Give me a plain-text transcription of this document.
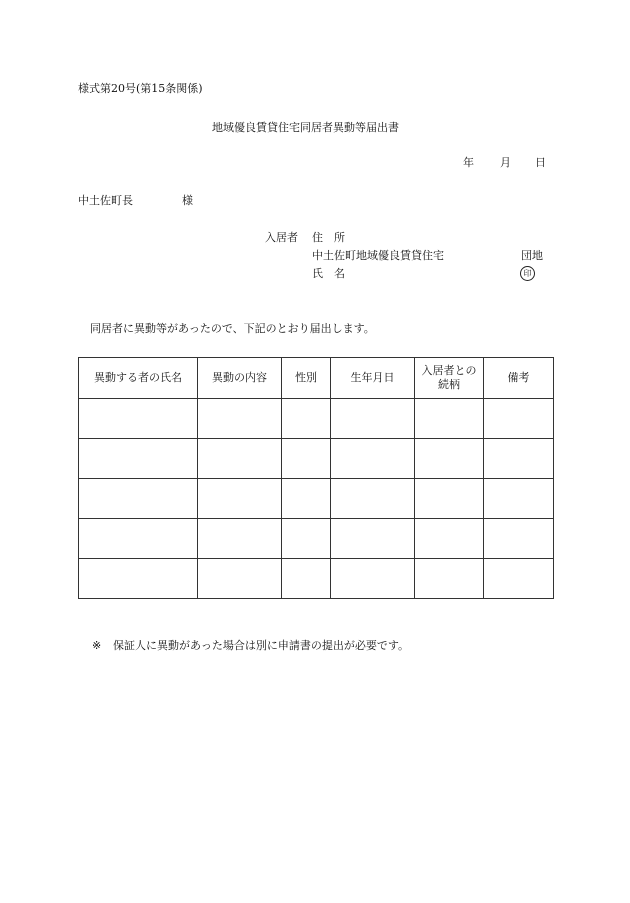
様式第20号(第15条関係)
地域優良賃貸住宅同居者異動等届出書
年 月 日
中土佐町長	様
入居者 住　所
中土佐町地域優良賃貸住宅	団地
氏　名	印
同居者に異動等があったので、下記のとおり届出します。
異動する者の氏名	異動の内容	性別	生年月日	入居者との続柄	備考

※ 保証人に異動があった場合は別に申請書の提出が必要です。
